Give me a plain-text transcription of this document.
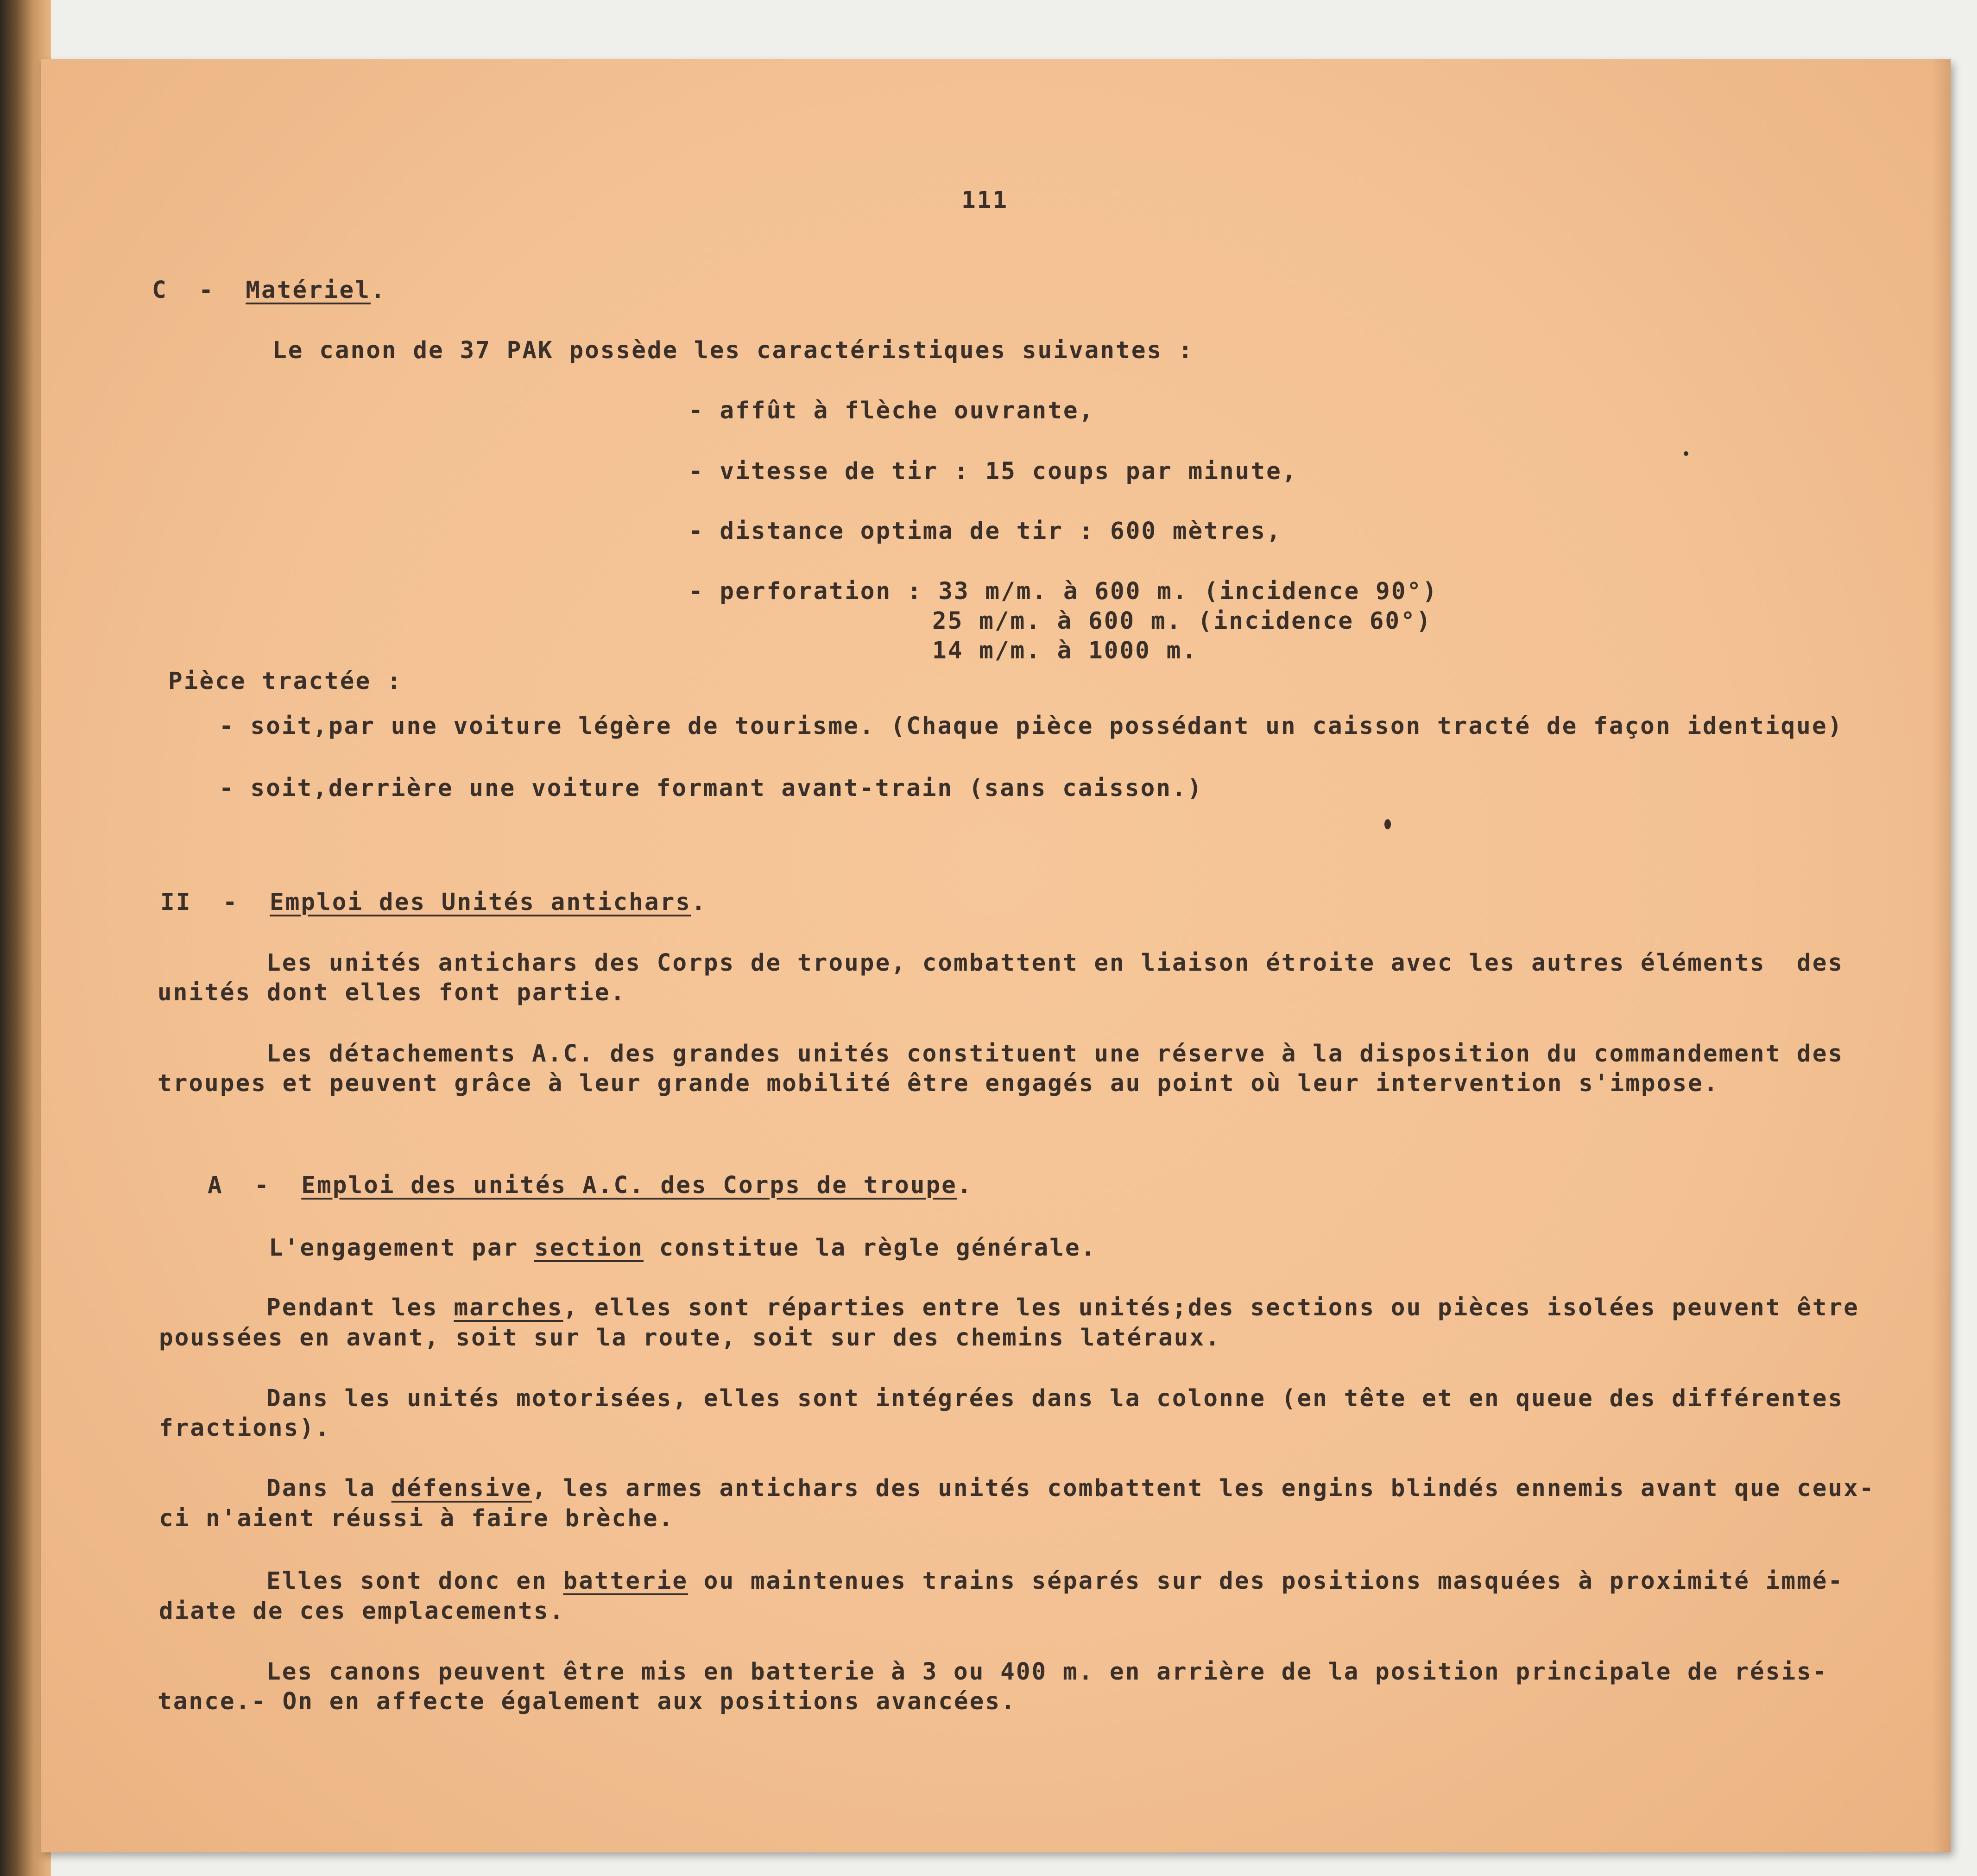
111
C - Matériel.
Le canon de 37 PAK possède les caractéristiques suivantes :
- affût à flèche ouvrante,
- vitesse de tir : 15 coups par minute,
- distance optima de tir : 600 mètres,
- perforation : 33 m/m. à 600 m. (incidence 90°)
25 m/m. à 600 m. (incidence 60°)
14 m/m. à 1000 m.
Pièce tractée :
- soit,par une voiture légère de tourisme. (Chaque pièce possédant un caisson tracté de façon identique)
- soit,derrière une voiture formant avant-train (sans caisson.)
II - Emploi des Unités antichars.
Les unités antichars des Corps de troupe, combattent en liaison étroite avec les autres éléments  des
unités dont elles font partie.
Les détachements A.C. des grandes unités constituent une réserve à la disposition du commandement des
troupes et peuvent grâce à leur grande mobilité être engagés au point où leur intervention s'impose.
A - Emploi des unités A.C. des Corps de troupe.
L'engagement par section constitue la règle générale.
Pendant les marches, elles sont réparties entre les unités;des sections ou pièces isolées peuvent être
poussées en avant, soit sur la route, soit sur des chemins latéraux.
Dans les unités motorisées, elles sont intégrées dans la colonne (en tête et en queue des différentes
fractions).
Dans la défensive, les armes antichars des unités combattent les engins blindés ennemis avant que ceux-
ci n'aient réussi à faire brèche.
Elles sont donc en batterie ou maintenues trains séparés sur des positions masquées à proximité immé-
diate de ces emplacements.
Les canons peuvent être mis en batterie à 3 ou 400 m. en arrière de la position principale de résis-
tance.- On en affecte également aux positions avancées.
